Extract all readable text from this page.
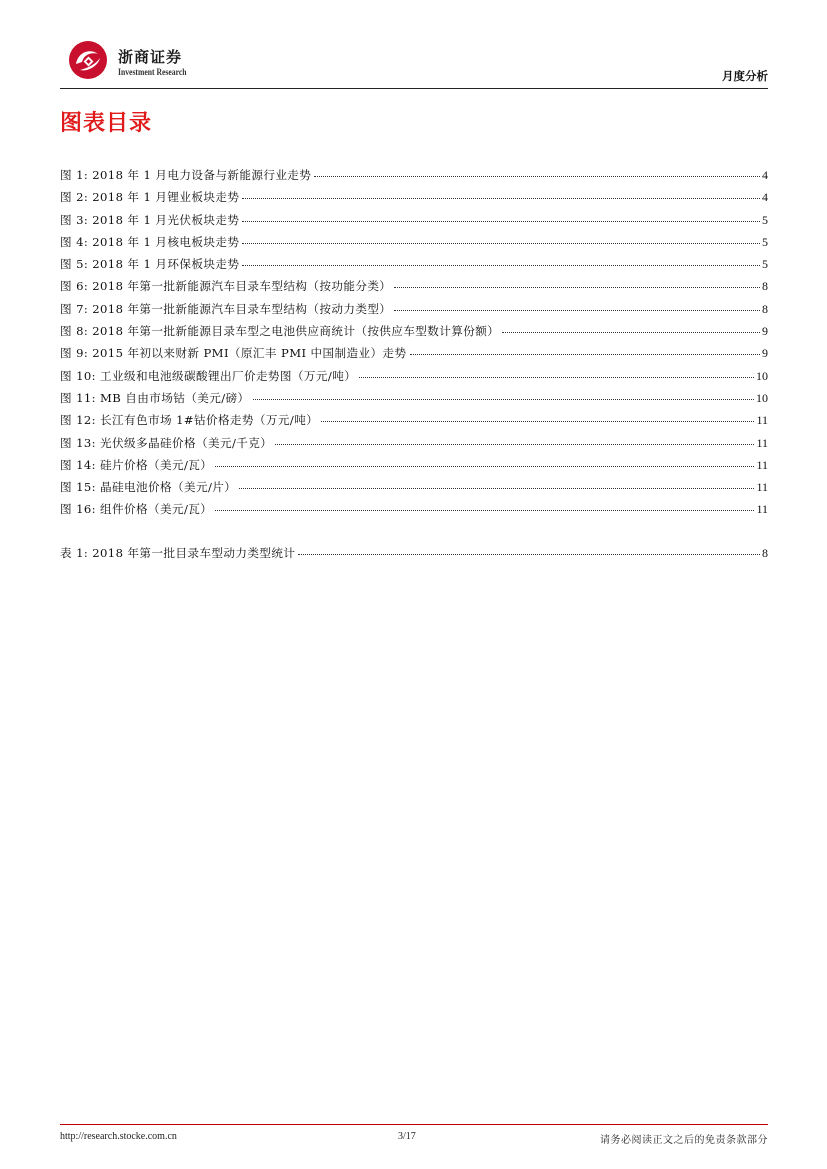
浙商证券
Investment Research	月度分析
图表目录
图 1: 2018 年 1 月电力设备与新能源行业走势	4
图 2: 2018 年 1 月锂业板块走势	4
图 3: 2018 年 1 月光伏板块走势	5
图 4: 2018 年 1 月核电板块走势	5
图 5: 2018 年 1 月环保板块走势	5
图 6: 2018 年第一批新能源汽车目录车型结构（按功能分类）	8
图 7: 2018 年第一批新能源汽车目录车型结构（按动力类型）	8
图 8: 2018 年第一批新能源目录车型之电池供应商统计（按供应车型数计算份额）	9
图 9: 2015 年初以来财新 PMI（原汇丰 PMI 中国制造业）走势	9
图 10: 工业级和电池级碳酸锂出厂价走势图（万元/吨）	10
图 11: MB 自由市场钴（美元/磅）	10
图 12: 长江有色市场 1#钴价格走势（万元/吨）	11
图 13: 光伏级多晶硅价格（美元/千克）	11
图 14: 硅片价格（美元/瓦）	11
图 15: 晶硅电池价格（美元/片）	11
图 16: 组件价格（美元/瓦）	11
表 1: 2018 年第一批目录车型动力类型统计	8
http://research.stocke.com.cn	3/17	请务必阅读正文之后的免责条款部分
